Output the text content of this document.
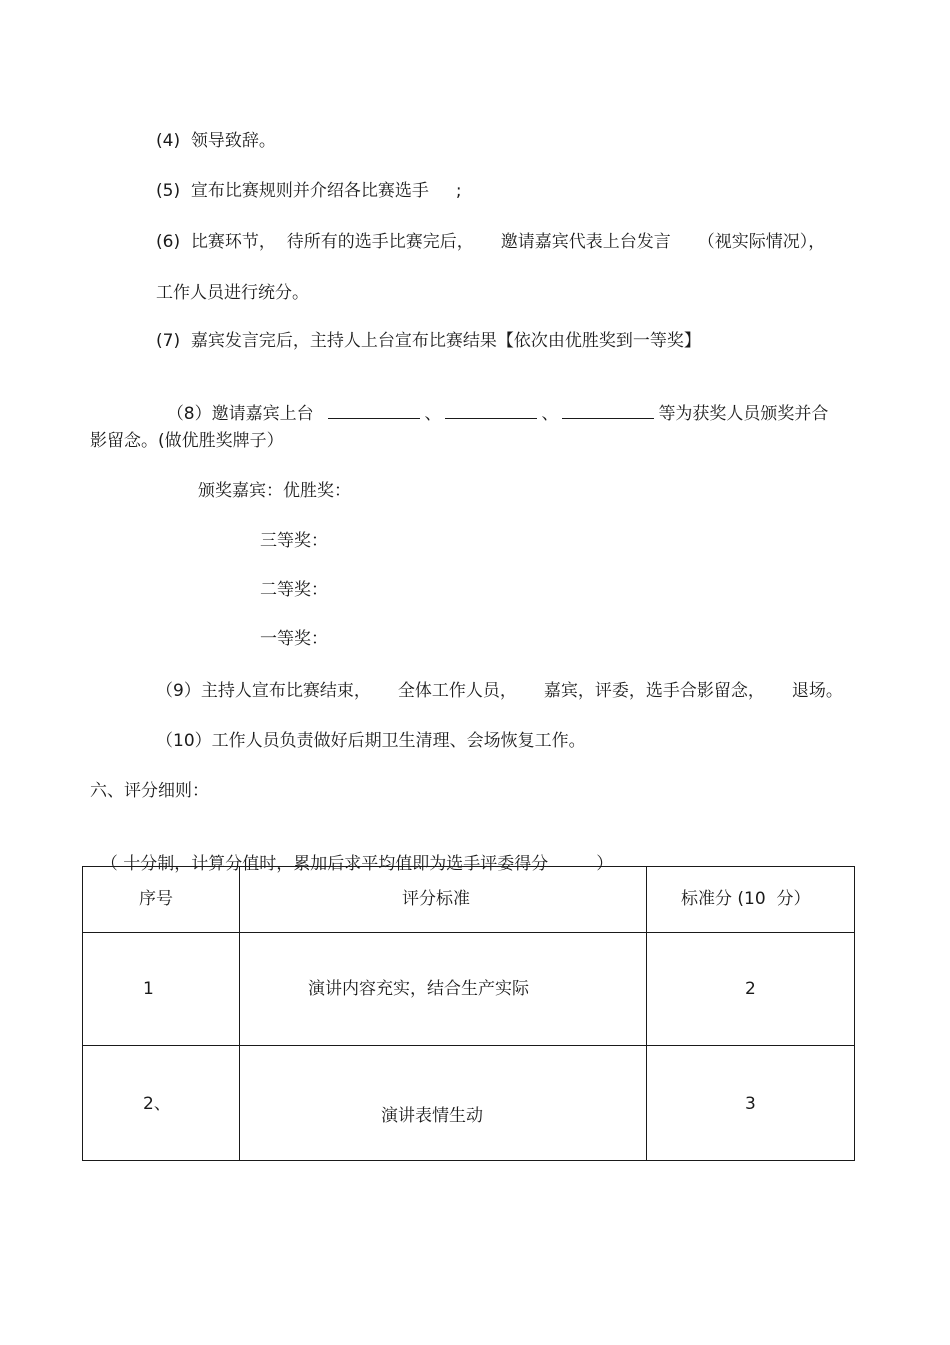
(4)  领导致辞。
(5)  宣布比赛规则并介绍各比赛选手     ;
(6)  比赛环节，  待所有的选手比赛完后，     邀请嘉宾代表上台发言     （视实际情况），
工作人员进行统分。
(7)  嘉宾发言完后，主持人上台宣布比赛结果【依次由优胜奖到一等奖】

（8）邀请嘉宾上台	、	、	等为获奖人员颁奖并合

影留念。(做优胜奖牌子）
颁奖嘉宾：优胜奖：
三等奖：
二等奖：
一等奖：
（9）主持人宣布比赛结束，     全体工作人员，     嘉宾，评委，选手合影留念，     退场。
（10）工作人员负责做好后期卫生清理、会场恢复工作。
六、评分细则：

（ 十分制，计算分值时，累加后求平均值即为选手评委得分	）

序号	评分标准	标准分 (10  分）

1	演讲内容充实，结合生产实际	2

2、	演讲表情生动	3
